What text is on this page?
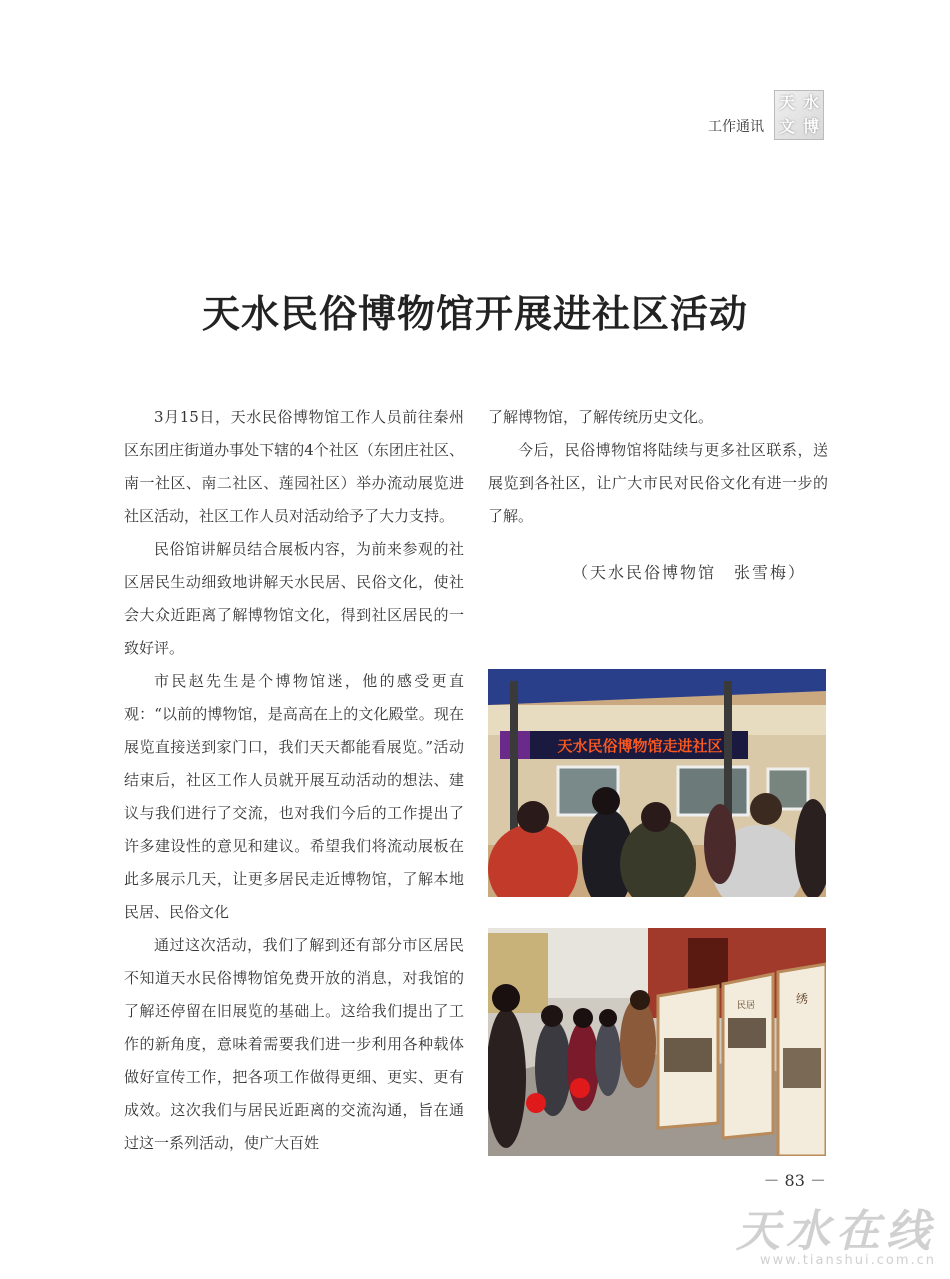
工作通讯
天 水
文 博
天水民俗博物馆开展进社区活动

3月15日，天水民俗博物馆工作人员前往秦州区东团庄街道办事处下辖的4个社区（东团庄社区、南一社区、南二社区、莲园社区）举办流动展览进社区活动，社区工作人员对活动给予了大力支持。

民俗馆讲解员结合展板内容，为前来参观的社区居民生动细致地讲解天水民居、民俗文化，使社会大众近距离了解博物馆文化，得到社区居民的一致好评。

市民赵先生是个博物馆迷，他的感受更直观：“以前的博物馆，是高高在上的文化殿堂。现在展览直接送到家门口，我们天天都能看展览。”活动结束后，社区工作人员就开展互动活动的想法、建议与我们进行了交流，也对我们今后的工作提出了许多建设性的意见和建议。希望我们将流动展板在此多展示几天，让更多居民走近博物馆，了解本地民居、民俗文化

通过这次活动，我们了解到还有部分市区居民不知道天水民俗博物馆免费开放的消息，对我馆的了解还停留在旧展览的基础上。这给我们提出了工作的新角度，意味着需要我们进一步利用各种载体做好宣传工作，把各项工作做得更细、更实、更有成效。这次我们与居民近距离的交流沟通，旨在通过这一系列活动，使广大百姓

了解博物馆，了解传统历史文化。

今后，民俗博物馆将陆续与更多社区联系，送展览到各社区，让广大市民对民俗文化有进一步的了解。

（天水民俗博物馆　张雪梅）
天水民俗博物馆走进社区
民居	绣
－ 83 －
天水在线
www.tianshui.com.cn
